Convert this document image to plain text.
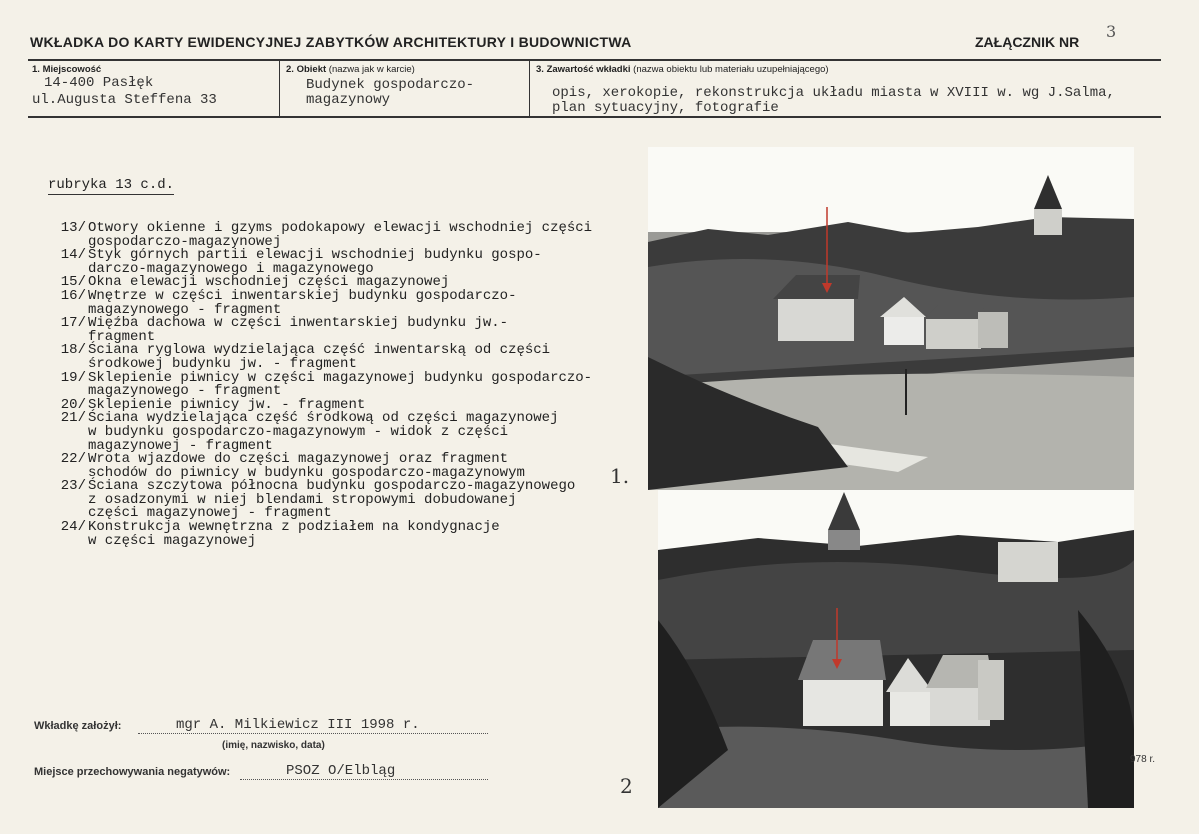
WKŁADKA DO KARTY EWIDENCYJNEJ ZABYTKÓW ARCHITEKTURY I BUDOWNICTWA	ZAŁĄCZNIK NR
3
1. Miejscowość
14-400 Pasłęk
ul.Augusta Steffena 33
2. Obiekt (nazwa jak w karcie)
Budynek gospodarczo-
magazynowy
3. Zawartość wkładki (nazwa obiektu lub materiału uzupełniającego)
opis, xerokopie, rekonstrukcja układu miasta w XVIII w. wg J.Salma,
plan sytuacyjny, fotografie
rubryka 13 c.d.
13/ Otwory okienne i gzyms podokapowy elewacji wschodniej części
gospodarczo-magazynowej
14/ Styk górnych partii elewacji wschodniej budynku gospo-
darczo-magazynowego i magazynowego
15/ Okna elewacji wschodniej części magazynowej
16/ Wnętrze w części inwentarskiej budynku gospodarczo-
magazynowego - fragment
17/ Więźba dachowa w części inwentarskiej budynku jw.-
fragment
18/ Ściana ryglowa wydzielająca część inwentarską od części
środkowej budynku jw. - fragment
19/ Sklepienie piwnicy w części magazynowej budynku gospodarczo-
magazynowego - fragment
20/ Sklepienie piwnicy jw. - fragment
21/ Ściana wydzielająca część środkową od części magazynowej
w budynku gospodarczo-magazynowym - widok z części
magazynowej - fragment
22/ Wrota wjazdowe do części magazynowej oraz fragment
schodów do piwnicy w budynku gospodarczo-magazynowym
23/ Ściana szczytowa północna budynku gospodarczo-magazynowego
z osadzonymi w niej blendami stropowymi dobudowanej
części magazynowej - fragment
24/ Konstrukcja wewnętrzna z podziałem na kondygnacje
w części magazynowej
1.
2
978 r.
Wkładkę założył:	mgr A. Milkiewicz III 1998 r.
(imię, nazwisko, data)
Miejsce przechowywania negatywów:	PSOZ O/Elbląg
